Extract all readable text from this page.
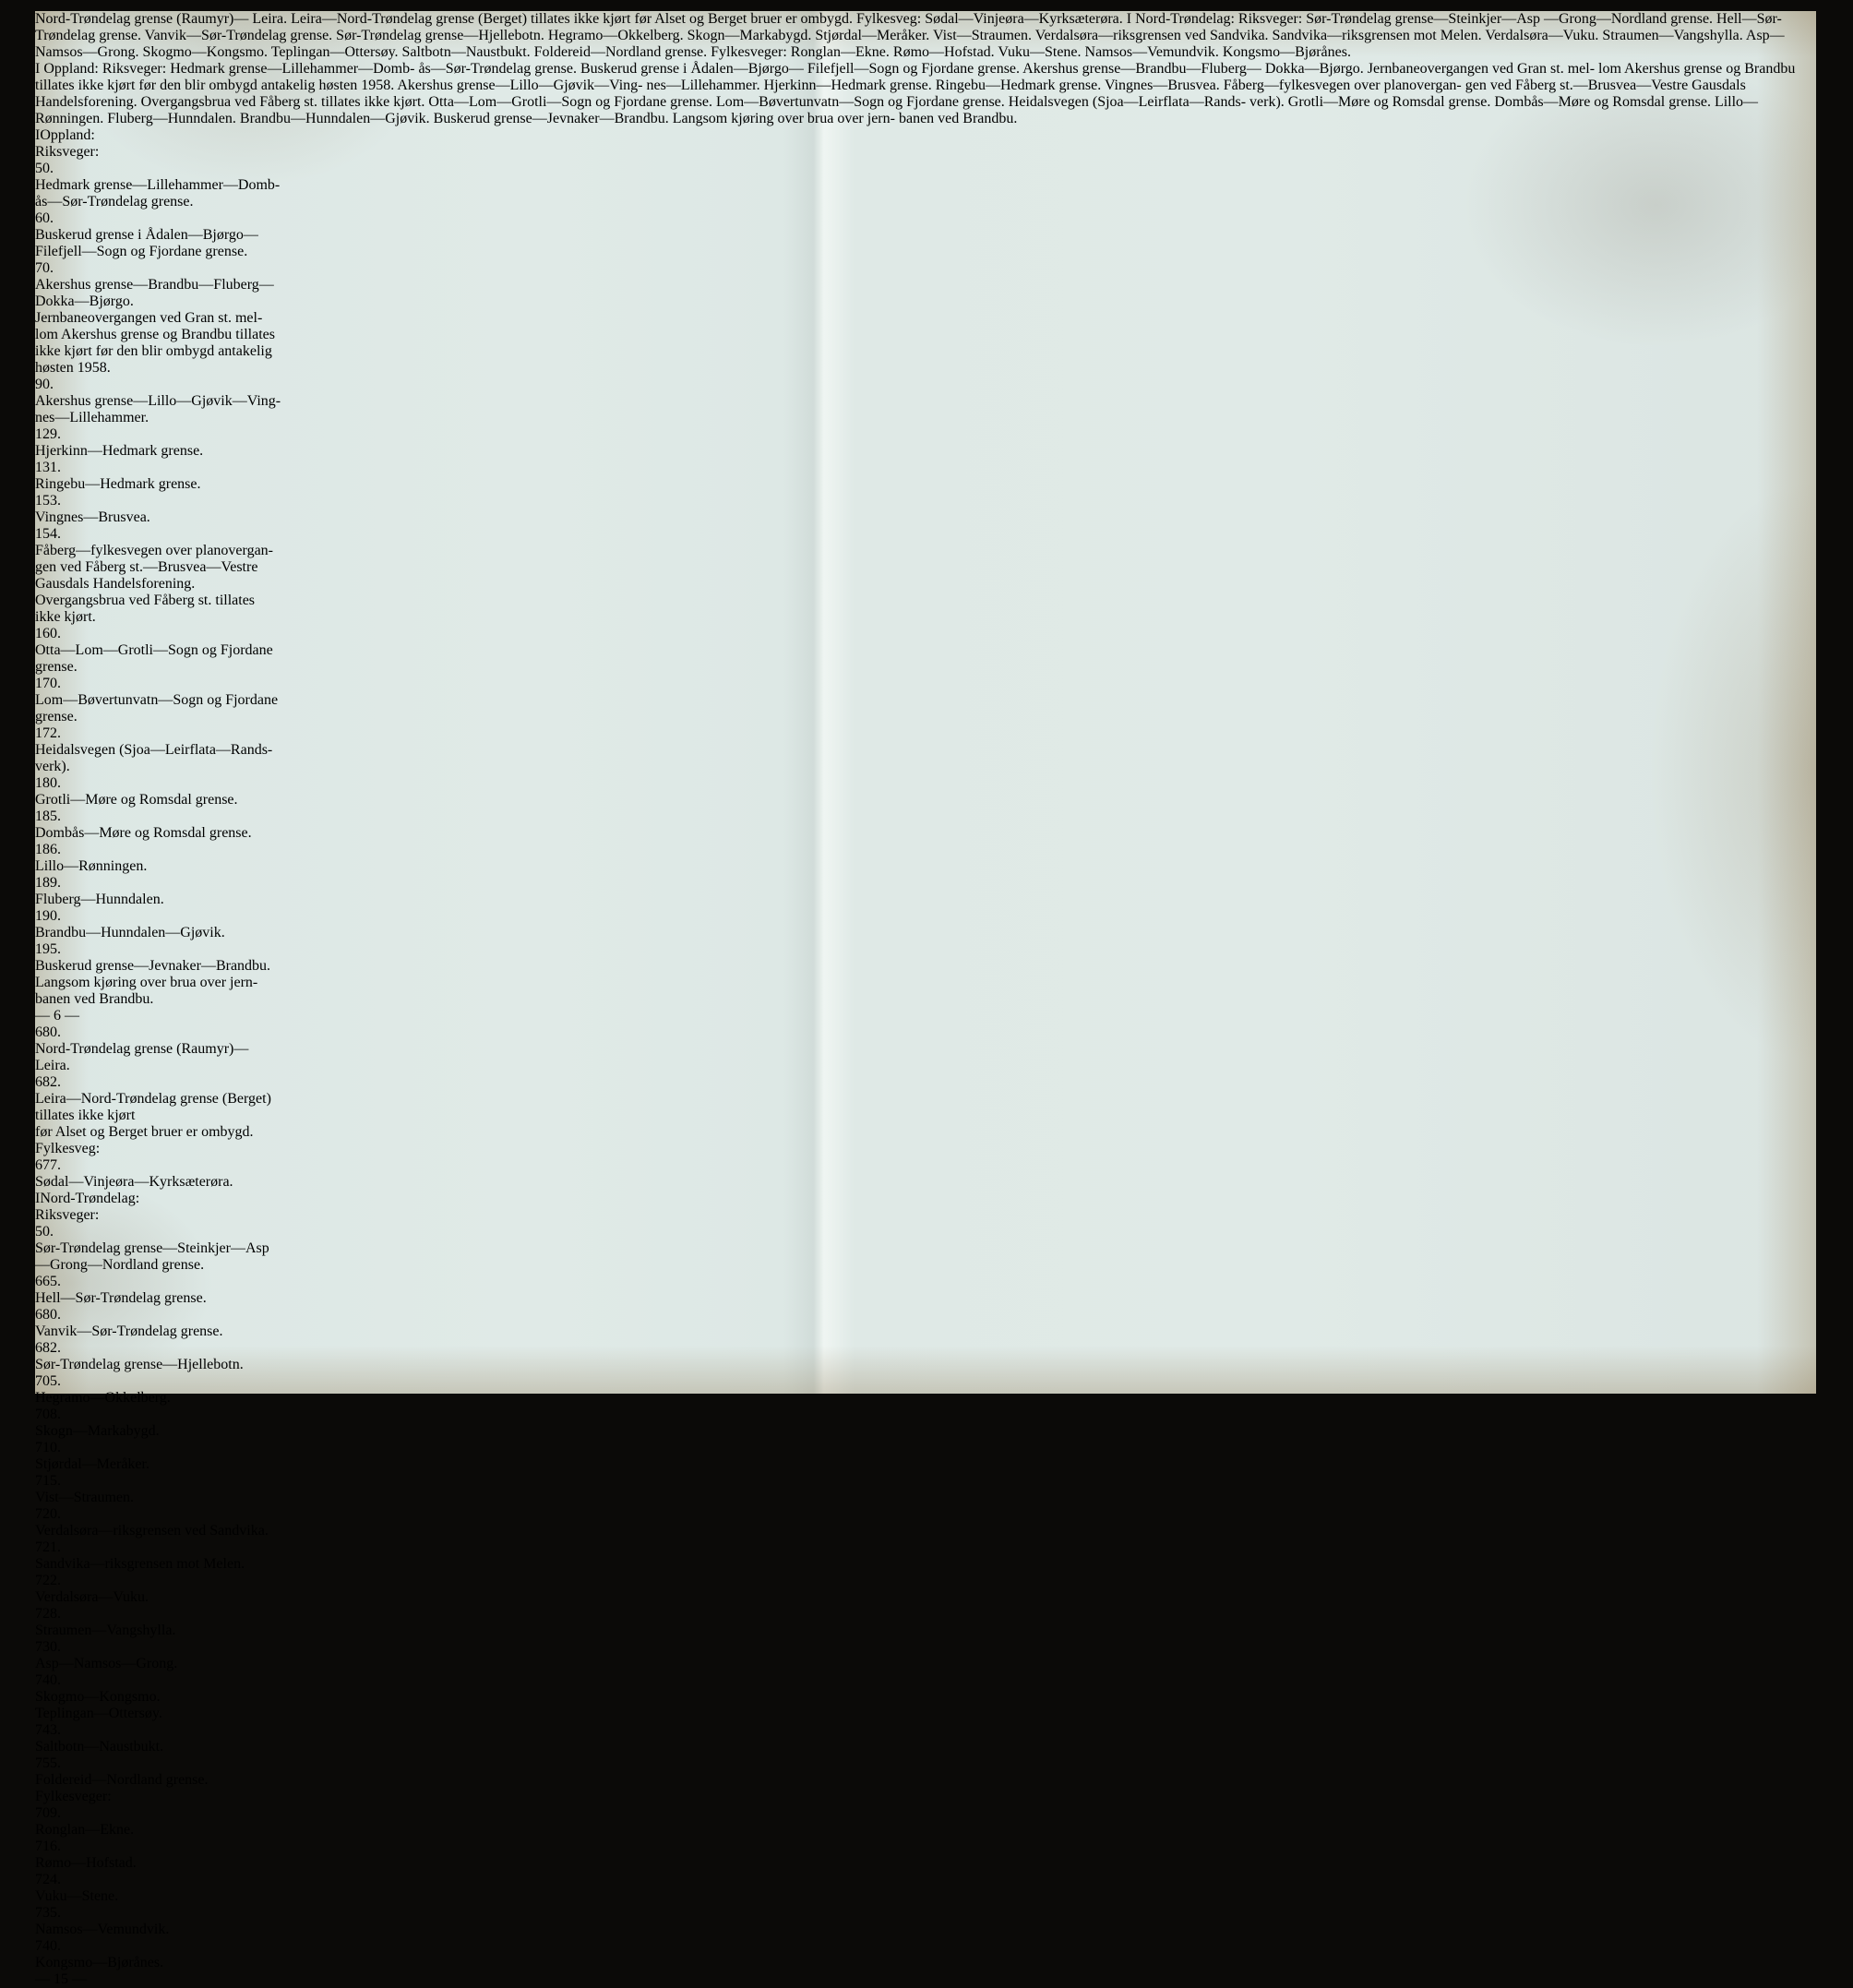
Nord-Trøndelag grense (Raumyr)— Leira. Leira—Nord-Trøndelag grense (Berget) tillates ikke kjørt før Alset og Berget bruer er ombygd. Fylkesveg: Sødal—Vinjeøra—Kyrksæterøra. I Nord-Trøndelag: Riksveger: Sør-Trøndelag grense—Steinkjer—Asp —Grong—Nordland grense. Hell—Sør-Trøndelag grense. Vanvik—Sør-Trøndelag grense. Sør-Trøndelag grense—Hjellebotn. Hegramo—Okkelberg. Skogn—Markabygd. Stjørdal—Meråker. Vist—Straumen. Verdalsøra—riksgrensen ved Sandvika. Sandvika—riksgrensen mot Melen. Verdalsøra—Vuku. Straumen—Vangshylla. Asp—Namsos—Grong. Skogmo—Kongsmo. Teplingan—Ottersøy. Saltbotn—Naustbukt. Foldereid—Nordland grense. Fylkesveger: Ronglan—Ekne. Rømo—Hofstad. Vuku—Stene. Namsos—Vemundvik. Kongsmo—Bjørånes.
I Oppland: Riksveger: Hedmark grense—Lillehammer—Domb- ås—Sør-Trøndelag grense. Buskerud grense i Ådalen—Bjørgo— Filefjell—Sogn og Fjordane grense. Akershus grense—Brandbu—Fluberg— Dokka—Bjørgo. Jernbaneovergangen ved Gran st. mel- lom Akershus grense og Brandbu tillates ikke kjørt før den blir ombygd antakelig høsten 1958. Akershus grense—Lillo—Gjøvik—Ving- nes—Lillehammer. Hjerkinn—Hedmark grense. Ringebu—Hedmark grense. Vingnes—Brusvea. Fåberg—fylkesvegen over planovergan- gen ved Fåberg st.—Brusvea—Vestre Gausdals Handelsforening. Overgangsbrua ved Fåberg st. tillates ikke kjørt. Otta—Lom—Grotli—Sogn og Fjordane grense. Lom—Bøvertunvatn—Sogn og Fjordane grense. Heidalsvegen (Sjoa—Leirflata—Rands- verk). Grotli—Møre og Romsdal grense. Dombås—Møre og Romsdal grense. Lillo—Rønningen. Fluberg—Hunndalen. Brandbu—Hunndalen—Gjøvik. Buskerud grense—Jevnaker—Brandbu. Langsom kjøring over brua over jern- banen ved Brandbu.
IOppland:
Riksveger:
50.
Hedmark grense—Lillehammer—Domb-
ås—Sør-Trøndelag grense.
60.
Buskerud grense i Ådalen—Bjørgo—
Filefjell—Sogn og Fjordane grense.
70.
Akershus grense—Brandbu—Fluberg—
Dokka—Bjørgo.
Jernbaneovergangen ved Gran st. mel-
lom Akershus grense og Brandbu tillates
ikke kjørt før den blir ombygd antakelig
høsten 1958.
90.
Akershus grense—Lillo—Gjøvik—Ving-
nes—Lillehammer.
129.
Hjerkinn—Hedmark grense.
131.
Ringebu—Hedmark grense.
153.
Vingnes—Brusvea.
154.
Fåberg—fylkesvegen over planovergan-
gen ved Fåberg st.—Brusvea—Vestre
Gausdals Handelsforening.
Overgangsbrua ved Fåberg st. tillates
ikke kjørt.
160.
Otta—Lom—Grotli—Sogn og Fjordane
grense.
170.
Lom—Bøvertunvatn—Sogn og Fjordane
grense.
172.
Heidalsvegen (Sjoa—Leirflata—Rands-
verk).
180.
Grotli—Møre og Romsdal grense.
185.
Dombås—Møre og Romsdal grense.
186.
Lillo—Rønningen.
189.
Fluberg—Hunndalen.
190.
Brandbu—Hunndalen—Gjøvik.
195.
Buskerud grense—Jevnaker—Brandbu.
Langsom kjøring over brua over jern-
banen ved Brandbu.
— 6 —
680.
Nord-Trøndelag grense (Raumyr)—
Leira.
682.
Leira—Nord-Trøndelag grense (Berget)
tillates ikke kjørt
før Alset og Berget bruer er ombygd.
Fylkesveg:
677.
Sødal—Vinjeøra—Kyrksæterøra.
INord-Trøndelag:
Riksveger:
50.
Sør-Trøndelag grense—Steinkjer—Asp
—Grong—Nordland grense.
665.
Hell—Sør-Trøndelag grense.
680.
Vanvik—Sør-Trøndelag grense.
682.
Sør-Trøndelag grense—Hjellebotn.
705.
Hegramo—Okkelberg.
708.
Skogn—Markabygd.
710.
Stjørdal—Meråker.
715.
Vist—Straumen.
720.
Verdalsøra—riksgrensen ved Sandvika.
721.
Sandvika—riksgrensen mot Melen.
722.
Verdalsøra—Vuku.
728.
Straumen—Vangshylla.
730.
Asp—Namsos—Grong.
740.
Skogmo—Kongsmo.
Teplingan—Ottersøy.
743.
Saltbotn—Naustbukt.
755.
Foldereid—Nordland grense.
Fylkesveger:
709.
Ronglan—Ekne.
716.
Rømo—Hofstad.
724.
Vuku—Stene.
735.
Namsos—Vemundvik.
740.
Kongsmo—Bjørånes.
— 15 —
